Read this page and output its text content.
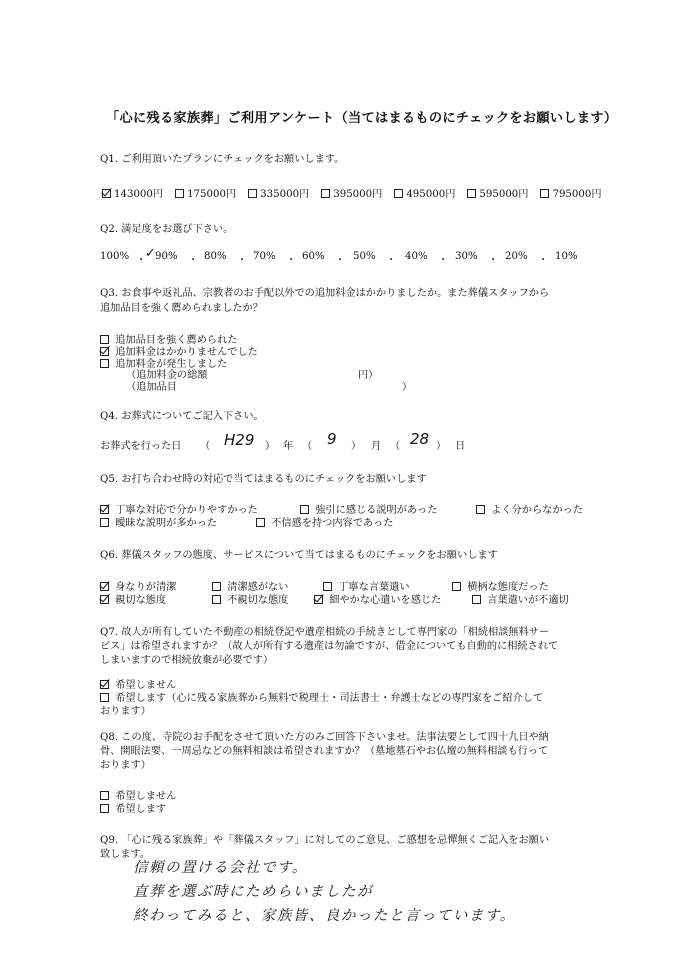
「心に残る家族葬」ご利用アンケート（当てはまるものにチェックをお願いします）
Q1. ご利用頂いたプランにチェックをお願いします。
143000円 175000円 335000円 395000円 495000円 595000円 795000円
Q2. 満足度をお選び下さい。
100% ・
✓ 90% ・ 80% ・ 70% ・ 60% ・ 50% ・ 40% ・ 30% ・ 20% ・ 10%
Q3. お食事や返礼品、宗教者のお手配以外での追加料金はかかりましたか。また葬儀スタッフから
追加品目を強く薦められましたか？
追加品目を強く薦められた
追加料金はかかりませんでした
追加料金が発生しました
（追加料金の総額	円）
（追加品目	）
Q4. お葬式についてご記入下さい。
お葬式を行った日 （ H29 ） 年 （ 9 ） 月 （ 28 ） 日
Q5. お打ち合わせ時の対応で当てはまるものにチェックをお願いします
丁寧な対応で分かりやすかった	強引に感じる説明があった	よく分からなかった
曖昧な説明が多かった	不信感を持つ内容であった
Q6. 葬儀スタッフの態度、サービスについて当てはまるものにチェックをお願いします
身なりが清潔	清潔感がない	丁寧な言葉遣い	横柄な態度だった
親切な態度	不親切な態度	細やかな心遣いを感じた	言葉遣いが不適切
Q7. 故人が所有していた不動産の相続登記や遺産相続の手続きとして専門家の「相続相談無料サー
ビス」は希望されますか？（故人が所有する遺産は勿論ですが、借金についても自動的に相続されて
しまいますので相続放棄が必要です）
希望しません
希望します（心に残る家族葬から無料で税理士・司法書士・弁護士などの専門家をご紹介して
おります）
Q8. この度、寺院のお手配をさせて頂いた方のみご回答下さいませ。法事法要として四十九日や納
骨、開眼法要、一周忌などの無料相談は希望されますか？（墓地墓石やお仏壇の無料相談も行って
おります）
希望しません
希望します
Q9. 「心に残る家族葬」や「葬儀スタッフ」に対してのご意見、ご感想を忌憚無くご記入をお願い
致します。
信頼の置ける会社です。
直葬を選ぶ時にためらいましたが
終わってみると、家族皆、良かったと言っています。
